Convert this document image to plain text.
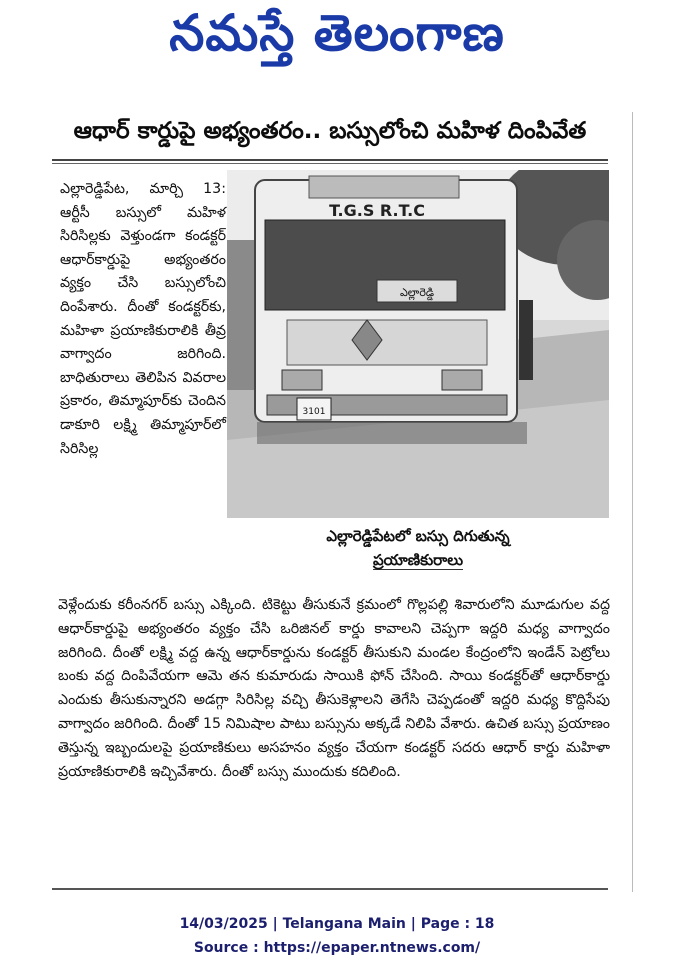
నమస్తే తెలంగాణ
ఆధార్ కార్డుపై అభ్యంతరం.. బస్సులోంచి మహిళ దింపివేత

ఎల్లారెడ్డిపేట, మార్చి 13: ఆర్టీసీ బస్సులో మహిళ సిరిసిల్లకు వెళ్తుండగా కండక్టర్ ఆధార్‌కార్డుపై అభ్యంతరం వ్యక్తం చేసి బస్సులోంచి దింపేశారు. దీంతో కండక్టర్‌కు, మహిళా ప్రయాణికురాలికి తీవ్ర వాగ్వాదం జరిగింది. బాధితురాలు తెలిపిన వివరాల ప్రకారం, తిమ్మాపూర్‌కు చెందిన డాకూరి లక్ష్మి తిమ్మాపూర్‌లో సిరిసిల్ల

ఎల్లారెడ్డి
T.G.S R.T.C
3101
ఎల్లారెడ్డిపేటలో బస్సు దిగుతున్న
ప్రయాణికురాలు

వెళ్లేందుకు కరీంనగర్ బస్సు ఎక్కింది. టికెట్టు తీసుకునే క్రమంలో గొల్లపల్లి శివారులోని మూడుగుల వద్ద ఆధార్‌కార్డుపై అభ్యంతరం వ్యక్తం చేసి ఒరిజినల్ కార్డు కావాలని చెప్పగా ఇద్దరి మధ్య వాగ్వాదం జరిగింది. దీంతో లక్ష్మి వద్ద ఉన్న ఆధార్‌కార్డును కండక్టర్ తీసుకుని మండల కేంద్రంలోని ఇండేన్ పెట్రోలు బంకు వద్ద దింపివేయగా ఆమె తన కుమారుడు సాయికి ఫోన్ చేసింది. సాయి కండక్టర్‌తో ఆధార్‌కార్డు ఎందుకు తీసుకున్నారని అడగ్గా సిరిసిల్ల వచ్చి తీసుకెళ్లాలని తెగేసి చెప్పడంతో ఇద్దరి మధ్య కొద్దిసేపు వాగ్వాదం జరిగింది. దీంతో 15 నిమిషాల పాటు బస్సును అక్కడే నిలిపి వేశారు. ఉచిత బస్సు ప్రయాణం తెస్తున్న ఇబ్బందులపై ప్రయాణికులు అసహనం వ్యక్తం చేయగా కండక్టర్ సదరు ఆధార్ కార్డు మహిళా ప్రయాణికురాలికి ఇచ్చివేశారు. దీంతో బస్సు ముందుకు కదిలింది.

14/03/2025 | Telangana Main | Page : 18
Source : https://epaper.ntnews.com/
